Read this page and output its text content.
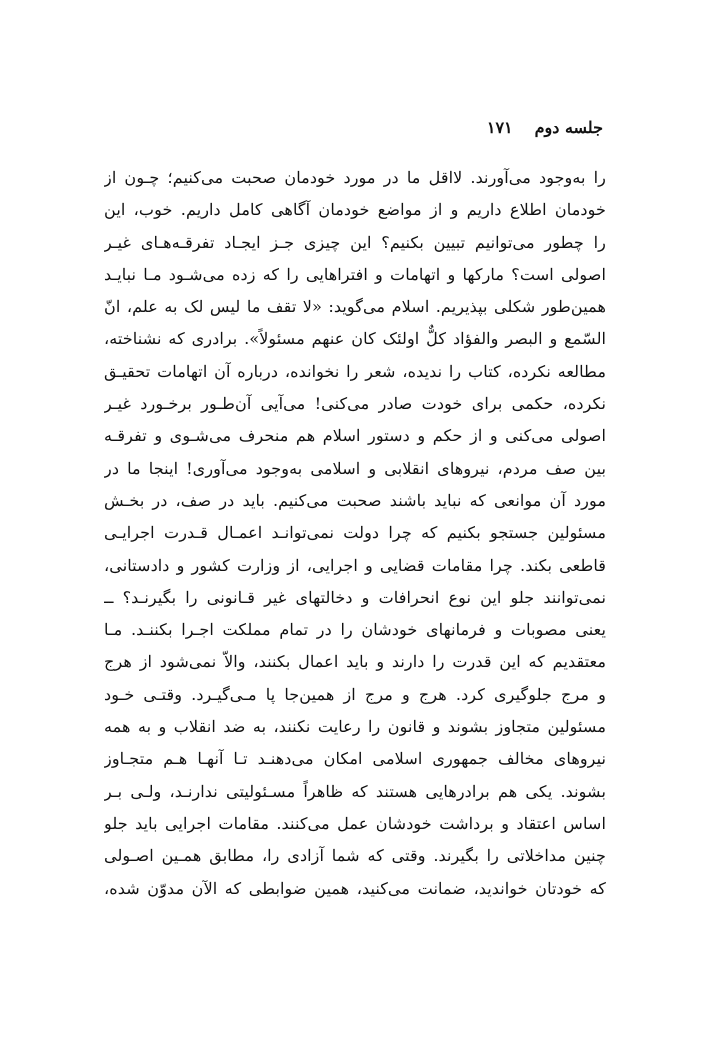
جلسه دوم
۱۷۱
را به‌وجود می‌آورند. لااقل ما در مورد خودمان صحبت می‌کنیم؛ چـون از
خودمان اطلاع داریم و از مواضع خودمان آگاهی کامل داریم. خوب، این
را چطور می‌توانیم تبیین بکنیم؟ این چیزی جـز ایجـاد تفرقـه‌هـای غیـر
اصولی است؟ مارکها و اتهامات و افتراهایی را که زده می‌شـود مـا نبایـد
همین‌طور شکلی بپذیریم. اسلام می‌گوید: «لا تقف ما لیس لک به علم، انّ
السّمع و البصر والفؤاد کلٌّ اولئک کان عنهم مسئولاً». برادری که نشناخته،
مطالعه نکرده، کتاب را ندیده، شعر را نخوانده، درباره آن اتهامات تحقیـق
نکرده، حکمی برای خودت صادر می‌کنی! می‌آیی آن‌طـور برخـورد غیـر
اصولی می‌کنی و از حکم و دستور اسلام هم منحرف می‌شـوی و تفرقـه
بین صف مردم، نیروهای انقلابی و اسلامی به‌وجود می‌آوری! اینجا ما در
مورد آن موانعی که نباید باشند صحبت می‌کنیم. باید در صف، در بخـش
مسئولین جستجو بکنیم که چرا دولت نمی‌توانـد اعمـال قـدرت اجرایـی
قاطعی بکند. چرا مقامات قضایی و اجرایی، از وزارت کشور و دادستانی،
نمی‌توانند جلو این نوع انحرافات و دخالتهای غیر قـانونی را بگیرنـد؟ ــ
یعنی مصوبات و فرمانهای خودشان را در تمام مملکت اجـرا بکننـد. مـا
معتقدیم که این قدرت را دارند و باید اعمال بکنند، والاّ نمی‌شود از هرج
و مرج جلوگیری کرد. هرج و مرج از همین‌جا پا مـی‌گیـرد. وقتـی خـود
مسئولین متجاوز بشوند و قانون را رعایت نکنند، به ضد انقلاب و به همه
نیروهای مخالف جمهوری اسلامی امکان می‌دهنـد تـا آنهـا هـم متجـاوز
بشوند. یکی هم برادرهایی هستند که ظاهراً مسـئولیتی ندارنـد، ولـی بـر
اساس اعتقاد و برداشت خودشان عمل می‌کنند. مقامات اجرایی باید جلو
چنین مداخلاتی را بگیرند. وقتی که شما آزادی را، مطابق همـین اصـولی
که خودتان خواندید، ضمانت می‌کنید، همین ضوابطی که الآن مدوّن شده،
